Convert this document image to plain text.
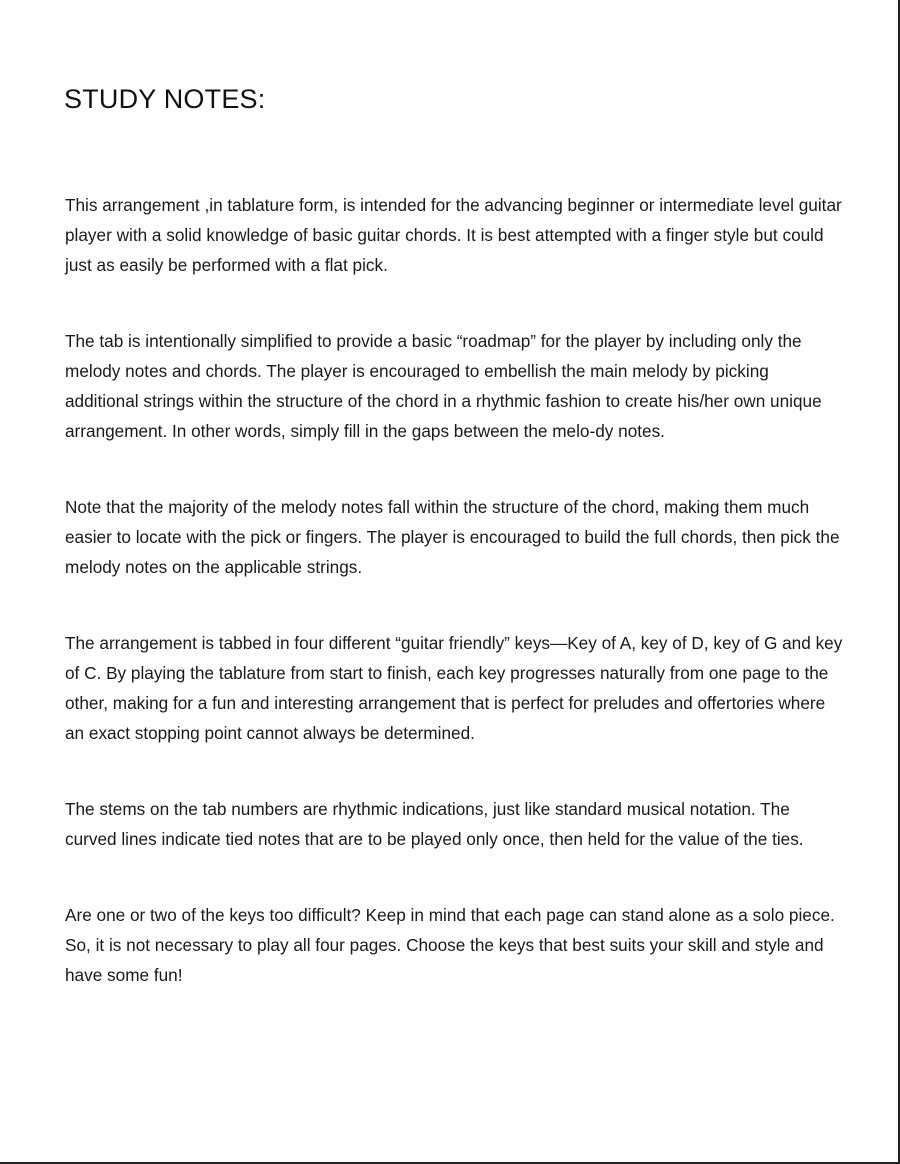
STUDY NOTES:

This arrangement ,in tablature form, is intended for the advancing beginner or intermediate level guitar player with a solid knowledge of basic guitar chords. It is best attempted with a finger style but could just as easily be performed with a flat pick.

The tab is intentionally simplified to provide a basic “roadmap” for the player by including only the melody notes and chords. The player is encouraged to embellish the main melody by picking additional strings within the structure of the chord in a rhythmic fashion to create his/her own unique arrangement. In other words, simply fill in the gaps between the melo-dy notes.

Note that the majority of the melody notes fall within the structure of the chord, making them much easier to locate with the pick or fingers. The player is encouraged to build the full chords, then pick the melody notes on the applicable strings.

The arrangement is tabbed in four different “guitar friendly” keys—Key of A, key of D, key of G and key of C. By playing the tablature from start to finish, each key progresses naturally from one page to the other, making for a fun and interesting arrangement that is perfect for preludes and offertories where an exact stopping point cannot always be determined.

The stems on the tab numbers are rhythmic indications, just like standard musical notation. The curved lines indicate tied notes that are to be played only once, then held for the value of the ties.

Are one or two of the keys too difficult? Keep in mind that each page can stand alone as a solo piece. So, it is not necessary to play all four pages. Choose the keys that best suits your skill and style and have some fun!
